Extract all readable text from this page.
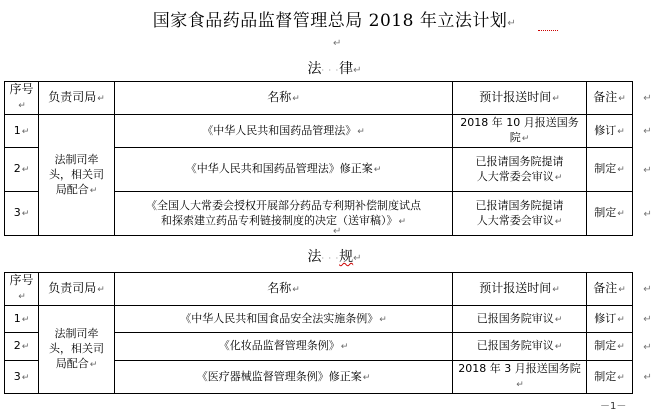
国家食品药品监督管理总局 2018 年立法计划↵
↵
法· · ·律↵
序号↵	负责司局↵	名称↵	预计报送时间↵	备注↵	↵
1↵	法制司牵
头，相关司
局配合↵	《中华人民共和国药品管理法》↵	2018 年 10 月报送国务院↵	修订↵	↵
2↵		《中华人民共和国药品管理法》修正案↵	已报请国务院提请
人大常委会审议↵	制定↵	↵
3↵		《全国人大常委会授权开展部分药品专利期补偿制度试点
和探索建立药品专利链接制度的决定（送审稿）》↵	已报请国务院提请
人大常委会审议↵	制定↵	↵
↵
法· · ·规↵
序号↵	负责司局↵	名称↵	预计报送时间↵	备注↵	↵
1↵	法制司牵
头，相关司
局配合↵	《中华人民共和国食品安全法实施条例》↵	已报国务院审议↵	修订↵	↵
2↵		《化妆品监督管理条例》↵	已报国务院审议↵	制定↵	↵
3↵		《医疗器械监督管理条例》修正案↵	2018 年 3 月报送国务院↵	制定↵	↵
－1－
